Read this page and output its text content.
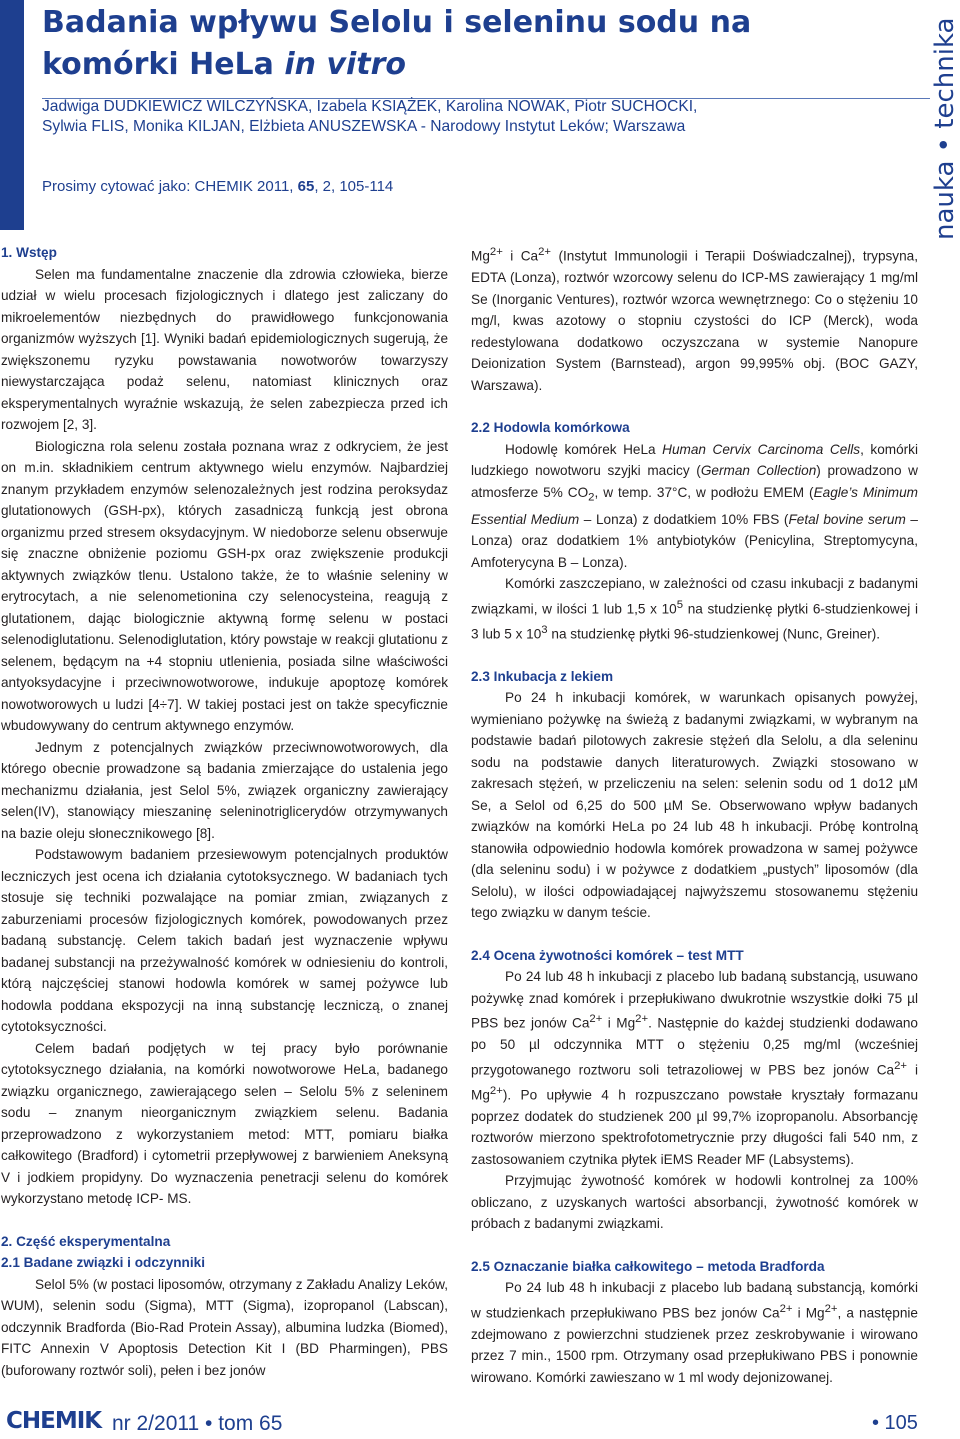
Badania wpływu Selolu i seleninu sodu na
komórki HeLa in vitro
Jadwiga DUDKIEWICZ WILCZYŃSKA, Izabela KSIĄŻEK, Karolina NOWAK, Piotr SUCHOCKI,
Sylwia FLIS, Monika KILJAN, Elżbieta ANUSZEWSKA - Narodowy Instytut Leków; Warszawa
Prosimy cytować jako: CHEMIK 2011, 65, 2, 105-114	nauka • technika
1. Wstęp

Selen ma fundamentalne znaczenie dla zdrowia człowieka, bierze udział w wielu procesach fizjologicznych i dlatego jest zaliczany do mikroelementów niezbędnych do prawidłowego funkcjonowania organizmów wyższych [1]. Wyniki badań epidemiologicznych sugerują, że zwiększonemu ryzyku powstawania nowotworów towarzyszy niewystarczająca podaż selenu, natomiast klinicznych oraz eksperymentalnych wyraźnie wskazują, że selen zabezpiecza przed ich rozwojem [2, 3].

Biologiczna rola selenu została poznana wraz z odkryciem, że jest on m.in. składnikiem centrum aktywnego wielu enzymów. Najbardziej znanym przykładem enzymów selenozależnych jest rodzina peroksydaz glutationowych (GSH-px), których zasadniczą funkcją jest obrona organizmu przed stresem oksydacyjnym. W niedoborze selenu obserwuje się znaczne obniżenie poziomu GSH-px oraz zwiększenie produkcji aktywnych związków tlenu. Ustalono także, że to właśnie seleniny w erytrocytach, a nie selenometionina czy selenocysteina, reagują z glutationem, dając biologicznie aktywną formę selenu w postaci selenodiglutationu. Selenodiglutation, który powstaje w reakcji glutationu z selenem, będącym na +4 stopniu utlenienia, posiada silne właściwości antyoksydacyjne i przeciwnowotworowe, indukuje apoptozę komórek nowotworowych u ludzi [4÷7]. W takiej postaci jest on także specyficznie wbudowywany do centrum aktywnego enzymów.

Jednym z potencjalnych związków przeciwnowotworowych, dla którego obecnie prowadzone są badania zmierzające do ustalenia jego mechanizmu działania, jest Selol 5%, związek organiczny zawierający selen(IV), stanowiący mieszaninę seleninotriglicerydów otrzymywanych na bazie oleju słonecznikowego [8].

Podstawowym badaniem przesiewowym potencjalnych produktów leczniczych jest ocena ich działania cytotoksycznego. W badaniach tych stosuje się techniki pozwalające na pomiar zmian, związanych z zaburzeniami procesów fizjologicznych komórek, powodowanych przez badaną substancję. Celem takich badań jest wyznaczenie wpływu badanej substancji na przeżywalność komórek w odniesieniu do kontroli, którą najczęściej stanowi hodowla komórek w samej pożywce lub hodowla poddana ekspozycji na inną substancję leczniczą, o znanej cytotoksyczności.

Celem badań podjętych w tej pracy było porównanie cytotoksycznego działania, na komórki nowotworowe HeLa, badanego związku organicznego, zawierającego selen – Selolu 5% z seleninem sodu – znanym nieorganicznym związkiem selenu. Badania przeprowadzono z wykorzystaniem metod: MTT, pomiaru białka całkowitego (Bradford) i cytometrii przepływowej z barwieniem Aneksyną V i jodkiem propidyny. Do wyznaczenia penetracji selenu do komórek wykorzystano metodę ICP- MS.

2. Część eksperymentalna
2.1 Badane związki i odczynniki

Selol 5% (w postaci liposomów, otrzymany z Zakładu Analizy Leków, WUM), selenin sodu (Sigma), MTT (Sigma), izopropanol (Labscan), odczynnik Bradforda (Bio-Rad Protein Assay), albumina ludzka (Biomed), FITC Annexin V Apoptosis Detection Kit I (BD Pharmingen), PBS (buforowany roztwór soli), pełen i bez jonów

$Mg^{2+}$ i $Ca^{2+}$ (Instytut Immunologii i Terapii Doświadczalnej), trypsyna, EDTA (Lonza), roztwór wzorcowy selenu do ICP-MS zawierający 1 mg/ml Se (Inorganic Ventures), roztwór wzorca wewnętrznego: Co o stężeniu 10 mg/l, kwas azotowy o stopniu czystości do ICP (Merck), woda redestylowana dodatkowo oczyszczana w systemie Nanopure Deionization System (Barnstead), argon 99,995% obj. (BOC GAZY, Warszawa).

2.2 Hodowla komórkowa

Hodowlę komórek HeLa Human Cervix Carcinoma Cells, komórki ludzkiego nowotworu szyjki macicy (German Collection) prowadzono w atmosferze 5% $CO_2$, w temp. 37°C, w podłożu EMEM (Eagle’s Minimum Essential Medium – Lonza) z dodatkiem 10% FBS (Fetal bovine serum – Lonza) oraz dodatkiem 1% antybiotyków (Penicylina, Streptomycyna, Amfoterycyna B – Lonza).

Komórki zaszczepiano, w zależności od czasu inkubacji z badanymi związkami, w ilości 1 lub 1,5 x $10^5$ na studzienkę płytki 6-studzienkowej i 3 lub 5 x $10^3$ na studzienkę płytki 96-studzienkowej (Nunc, Greiner).

2.3 Inkubacja z lekiem

Po 24 h inkubacji komórek, w warunkach opisanych powyżej, wymieniano pożywkę na świeżą z badanymi związkami, w wybranym na podstawie badań pilotowych zakresie stężeń dla Selolu, a dla seleninu sodu na podstawie danych literaturowych. Związki stosowano w zakresach stężeń, w przeliczeniu na selen: selenin sodu od 1 do12 µM Se, a Selol od 6,25 do 500 µM Se. Obserwowano wpływ badanych związków na komórki HeLa po 24 lub 48 h inkubacji. Próbę kontrolną stanowiła odpowiednio hodowla komórek prowadzona w samej pożywce (dla seleninu sodu) i w pożywce z dodatkiem „pustych” liposomów (dla Selolu), w ilości odpowiadającej najwyższemu stosowanemu stężeniu tego związku w danym teście.

2.4 Ocena żywotności komórek – test MTT

Po 24 lub 48 h inkubacji z placebo lub badaną substancją, usuwano pożywkę znad komórek i przepłukiwano dwukrotnie wszystkie dołki 75 µl PBS bez jonów $Ca^{2+}$ i $Mg^{2+}$. Następnie do każdej studzienki dodawano po 50 µl odczynnika MTT o stężeniu 0,25 mg/ml (wcześniej przygotowanego roztworu soli tetrazoliowej w PBS bez jonów $Ca^{2+}$ i $Mg^{2+}$). Po upływie 4 h rozpuszczano powstałe kryształy formazanu poprzez dodatek do studzienek 200 µl 99,7% izopropanolu. Absorbancję roztworów mierzono spektrofotometrycznie przy długości fali 540 nm, z zastosowaniem czytnika płytek iEMS Reader MF (Labsystems).

Przyjmując żywotność komórek w hodowli kontrolnej za 100% obliczano, z uzyskanych wartości absorbancji, żywotność komórek w próbach z badanymi związkami.

2.5 Oznaczanie białka całkowitego – metoda Bradforda

Po 24 lub 48 h inkubacji z placebo lub badaną substancją, komórki w studzienkach przepłukiwano PBS bez jonów $Ca^{2+}$ i $Mg^{2+}$, a następnie zdejmowano z powierzchni studzienek przez zeskrobywanie i wirowano przez 7 min., 1500 rpm. Otrzymany osad przepłukiwano PBS i ponownie wirowano. Komórki zawieszano w 1 ml wody dejonizowanej.

CHEMIK nr 2/2011 • tom 65	• 105
